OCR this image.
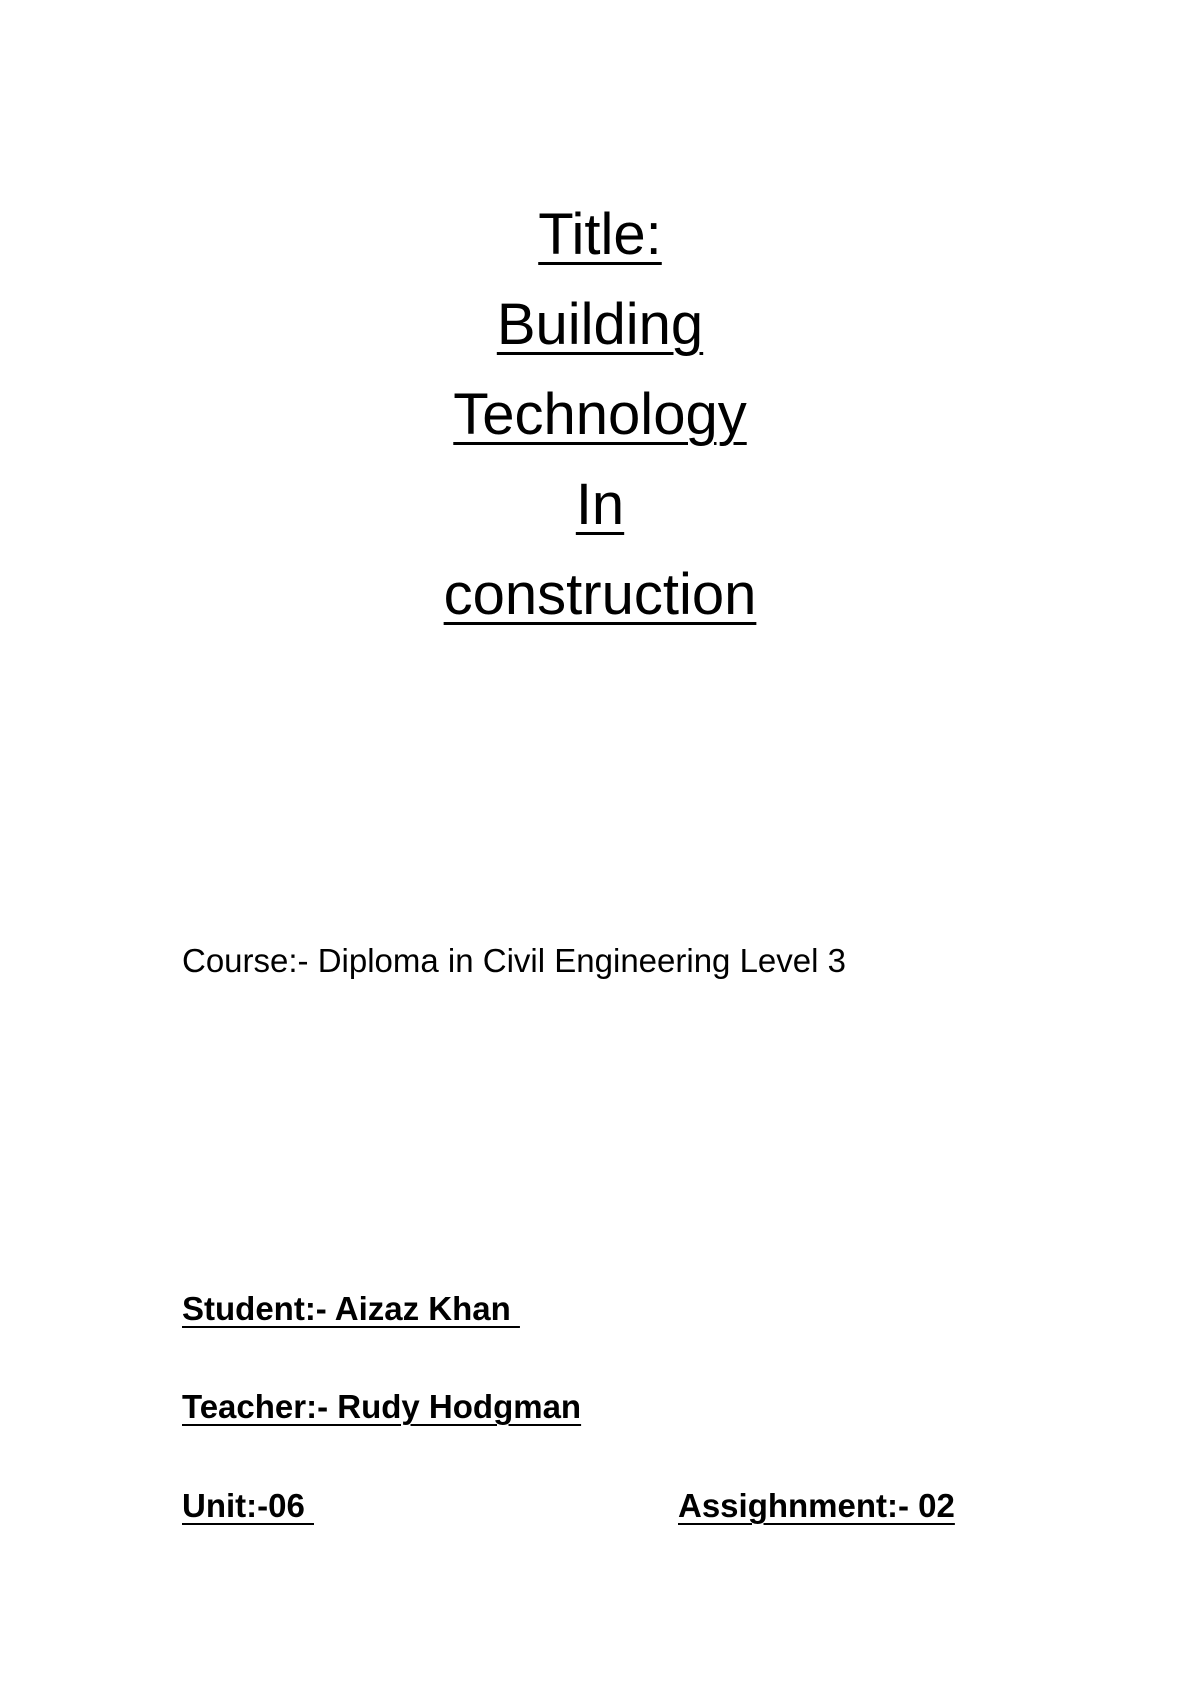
Title:
Building
Technology
In
construction
Course:- Diploma in Civil Engineering Level 3
Student:- Aizaz Khan
Teacher:- Rudy Hodgman
Unit:-06	Assighnment:- 02
